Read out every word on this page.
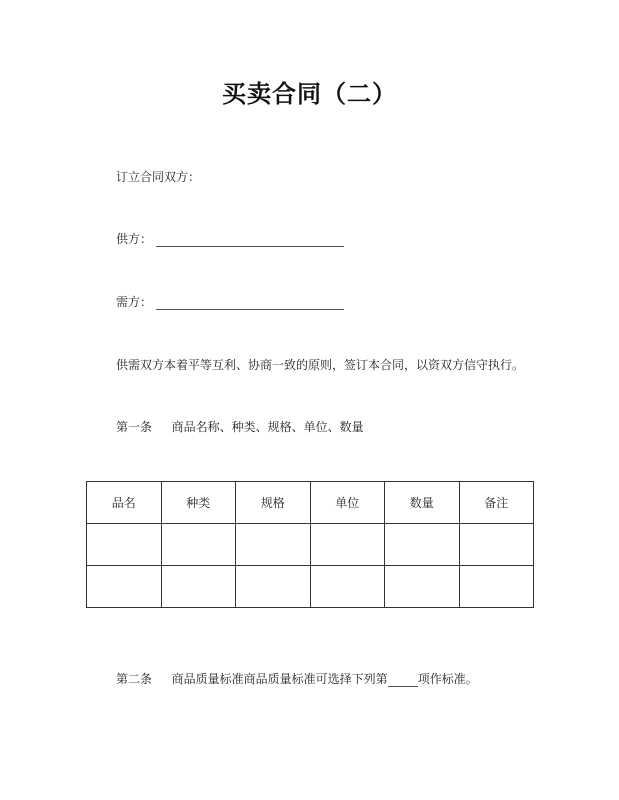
买卖合同（二）
订立合同双方：
供方：
需方：
供需双方本着平等互利、协商一致的原则，签订本合同，以资双方信守执行。
第一条 商品名称、种类、规格、单位、数量
品名	种类	规格	单位	数量	备注

第二条 商品质量标准商品质量标准可选择下列第	项作标准。
